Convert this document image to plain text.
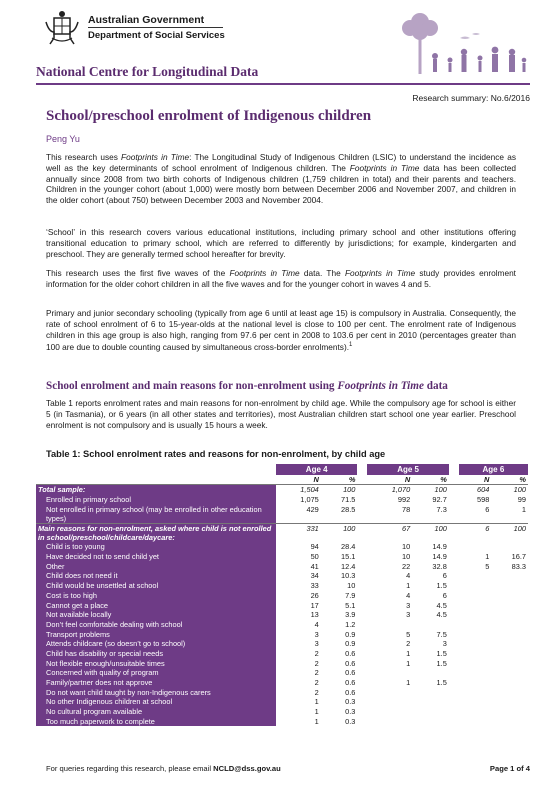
Australian Government
Department of Social Services
National Centre for Longitudinal Data
Research summary: No.6/2016
School/preschool enrolment of Indigenous children
Peng Yu

This research uses Footprints in Time: The Longitudinal Study of Indigenous Children (LSIC) to understand the incidence as well as the key determinants of school enrolment of Indigenous children. The Footprints in Time data has been collected annually since 2008 from two birth cohorts of Indigenous children (1,759 children in total) and their parents and teachers. Children in the younger cohort (about 1,000) were mostly born between December 2006 and November 2007, and children in the older cohort (about 750) between December 2003 and November 2004.

‘School’ in this research covers various educational institutions, including primary school and other institutions offering transitional education to primary school, which are referred to differently by jurisdictions; for example, kindergarten and preschool. They are generally termed school hereafter for brevity.

This research uses the first five waves of the Footprints in Time data. The Footprints in Time study provides enrolment information for the older cohort children in all the five waves and for the younger cohort in waves 4 and 5.

Primary and junior secondary schooling (typically from age 6 until at least age 15) is compulsory in Australia. Consequently, the rate of school enrolment of 6 to 15-year-olds at the national level is close to 100 per cent. The enrolment rate of Indigenous children in this age group is also high, ranging from 97.6 per cent in 2008 to 103.6 per cent in 2010 (percentages greater than 100 are due to double counting caused by simultaneous cross-border enrolments).$^1$

School enrolment and main reasons for non-enrolment using Footprints in Time data

Table 1 reports enrolment rates and main reasons for non-enrolment by child age. While the compulsory age for school is either 5 (in Tasmania), or 6 years (in all other states and territories), most Australian children start school one year earlier. Preschool enrolment is not compulsory and is usually 15 hours a week.

Table 1: School enrolment rates and reasons for non-enrolment, by child age
	Age 4			Age 5			Age 6	
	N	%		N	%		N	%
Total sample:	1,504	100		1,070	100		604	100
Enrolled in primary school	1,075	71.5		992	92.7		598	99
Not enrolled in primary school (may be enrolled in other education types)	429	28.5		78	7.3		6	1
Main reasons for non-enrolment, asked where child is not enrolled in school/preschool/childcare/daycare:	331	100		67	100		6	100
Child is too young	94	28.4		10	14.9			
Have decided not to send child yet	50	15.1		10	14.9		1	16.7
Other	41	12.4		22	32.8		5	83.3
Child does not need it	34	10.3		4	6			
Child would be unsettled at school	33	10		1	1.5			
Cost is too high	26	7.9		4	6			
Cannot get a place	17	5.1		3	4.5			
Not available locally	13	3.9		3	4.5			
Don’t feel comfortable dealing with school	4	1.2						
Transport problems	3	0.9		5	7.5			
Attends childcare (so doesn’t go to school)	3	0.9		2	3			
Child has disability or special needs	2	0.6		1	1.5			
Not flexible enough/unsuitable times	2	0.6		1	1.5			
Concerned with quality of program	2	0.6						
Family/partner does not approve	2	0.6		1	1.5			
Do not want child taught by non-Indigenous carers	2	0.6						
No other Indigenous children at school	1	0.3						
No cultural program available	1	0.3						
Too much paperwork to complete	1	0.3						
For queries regarding this research, please email NCLD@dss.gov.au	Page 1 of 4
